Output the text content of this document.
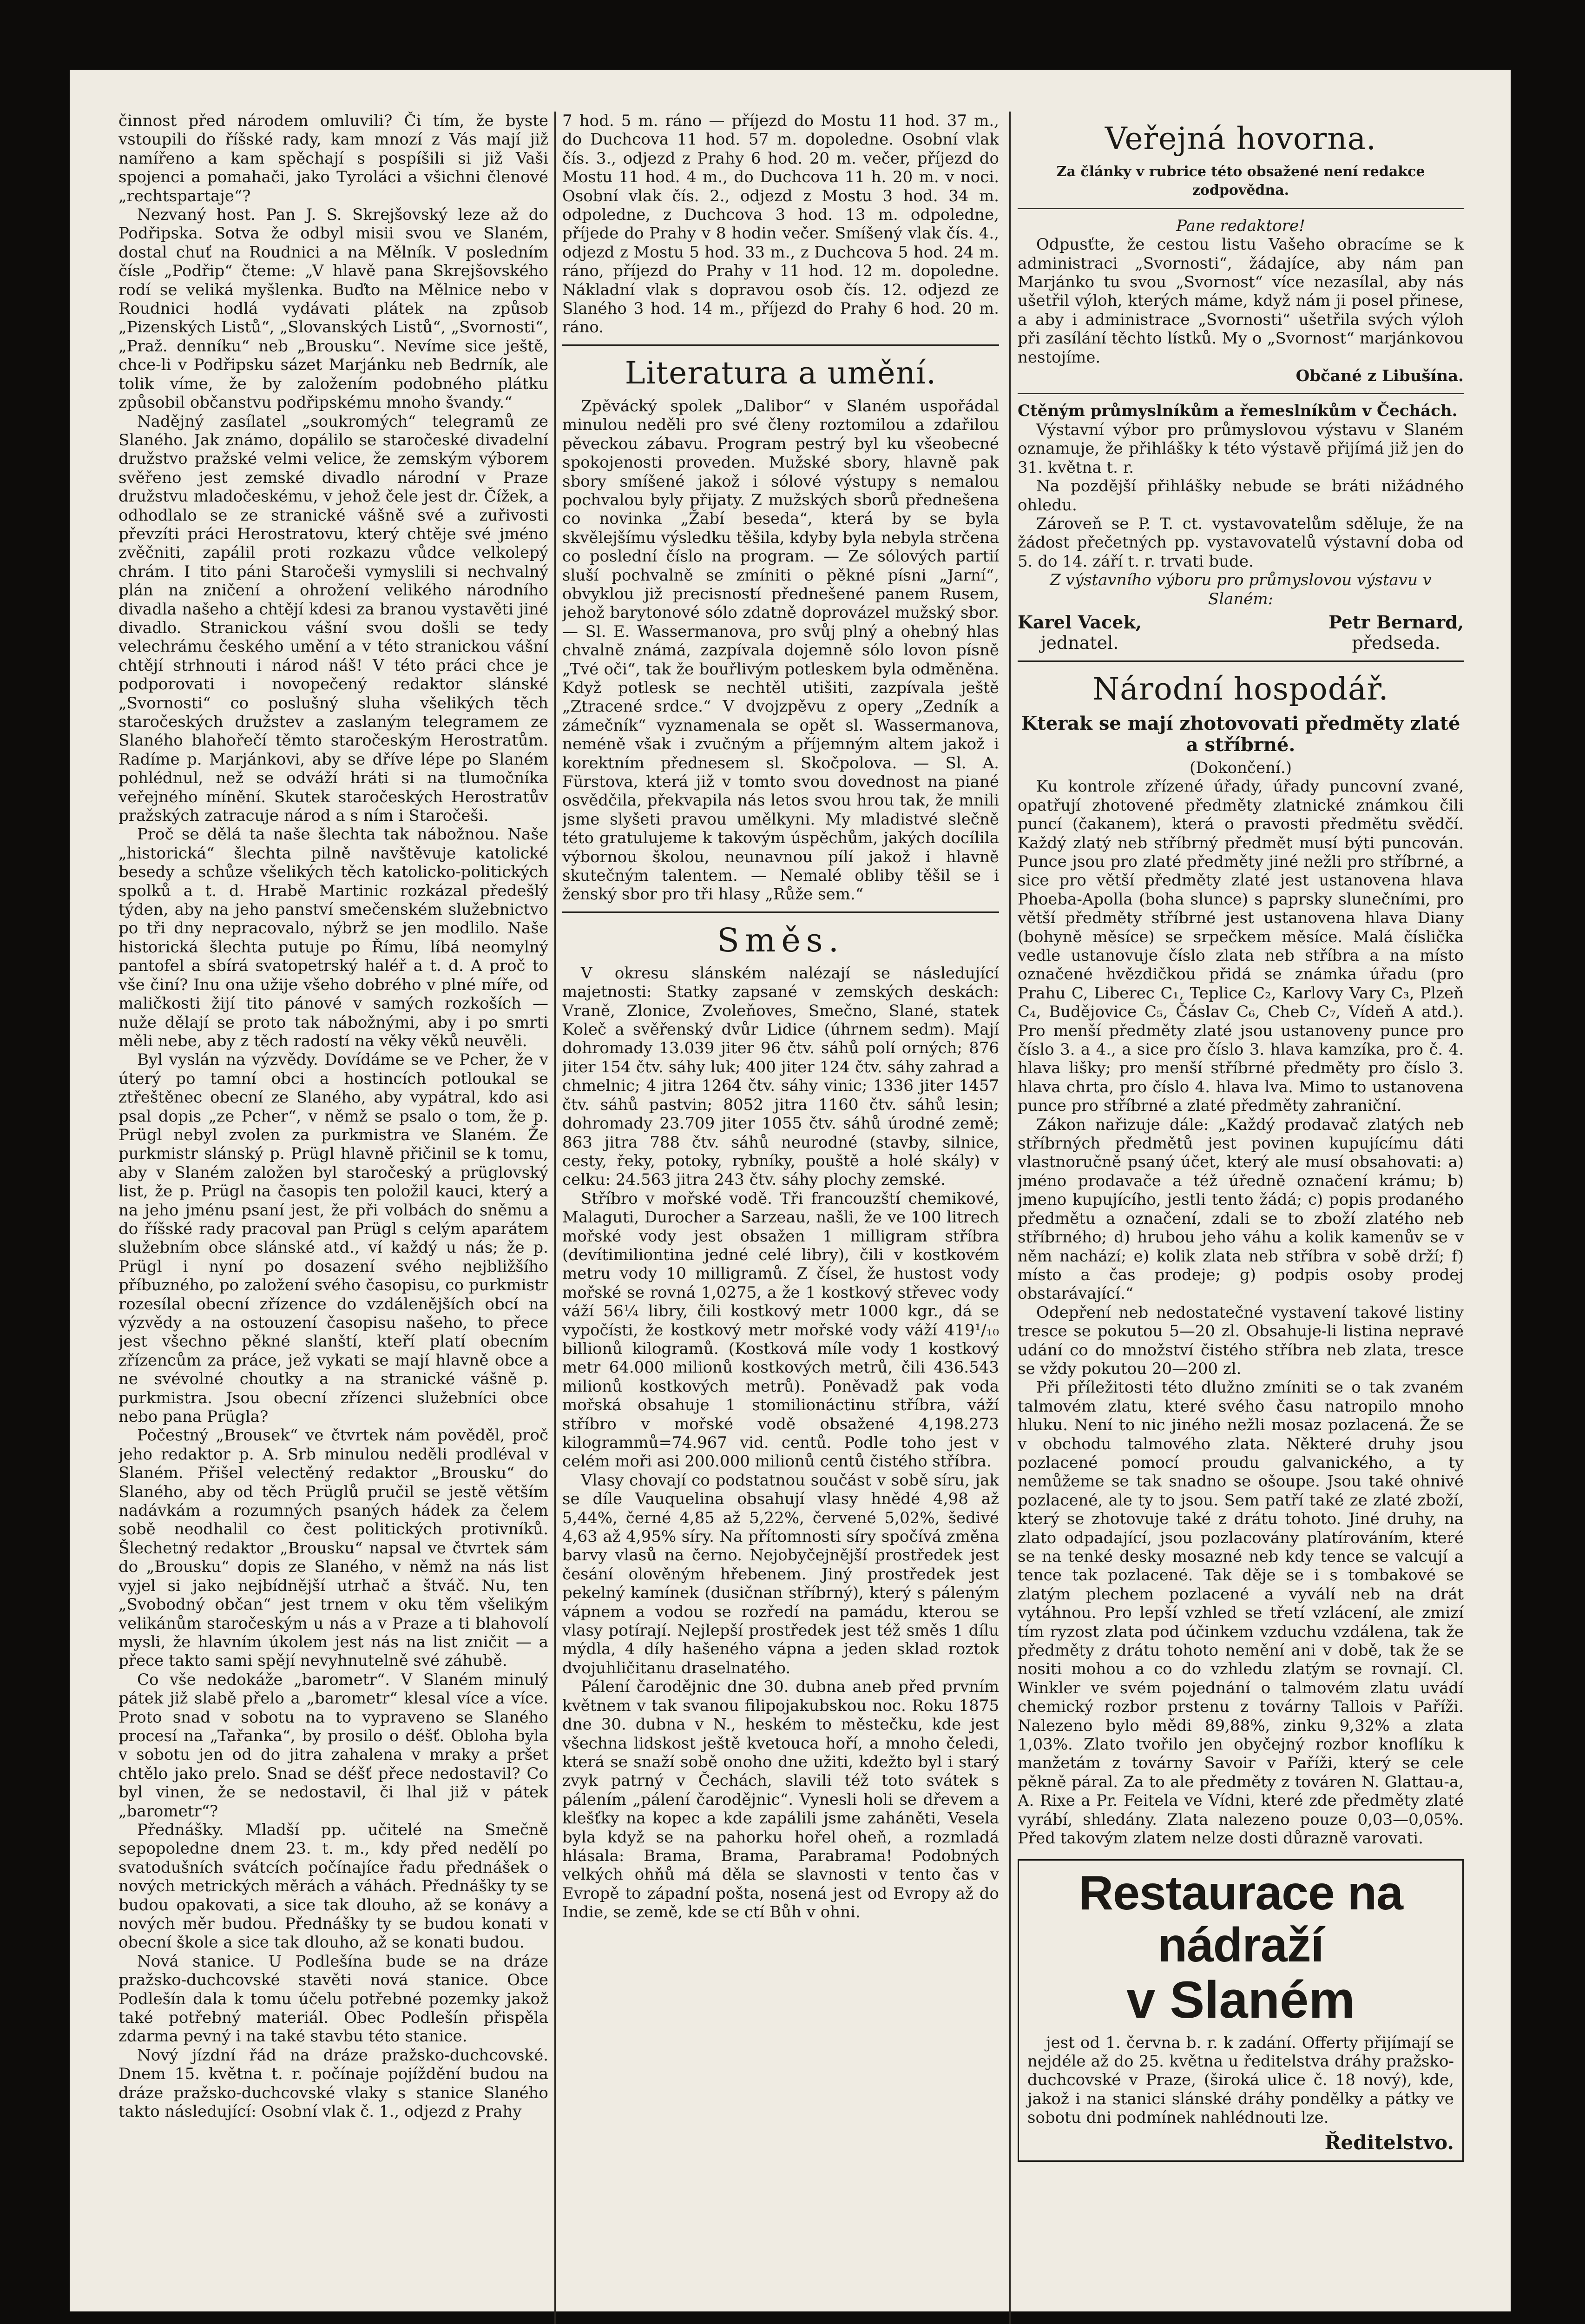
činnost před národem omluvili? Či tím, že byste vstoupili do říšské rady, kam mnozí z Vás mají již namířeno a kam spěchají s pospíšili si již Vaši spojenci a pomahači, jako Tyroláci a všichni členové „rechtspartaje“?

Nezvaný host. Pan J. S. Skrejšovský leze až do Podřipska. Sotva že odbyl misii svou ve Slaném, dostal chuť na Roudnici a na Mělník. V posledním čísle „Podřip“ čteme: „V hlavě pana Skrejšovského rodí se veliká myšlenka. Buďto na Mělnice nebo v Roudnici hodlá vydávati plátek na způsob „Pizenských Listů“, „Slovanských Listů“, „Svornosti“, „Praž. denníku“ neb „Brousku“. Nevíme sice ještě, chce-li v Podřipsku sázet Marjánku neb Bedrník, ale tolik víme, že by založením podobného plátku způsobil občanstvu podřipskému mnoho švandy.“

Nadějný zasílatel „soukromých“ telegramů ze Slaného. Jak známo, dopálilo se staročeské divadelní družstvo pražské velmi velice, že zemským výborem svěřeno jest zemské divadlo národní v Praze družstvu mladočeskému, v jehož čele jest dr. Čížek, a odhodlalo se ze stranické vášně své a zuřivosti převzíti práci Herostratovu, který chtěje své jméno zvěčniti, zapálil proti rozkazu vůdce velkolepý chrám. I tito páni Staročeši vymyslili si nechvalný plán na zničení a ohrožení velikého národního divadla našeho a chtějí kdesi za branou vystavěti jiné divadlo. Stranickou vášní svou došli se tedy velechrámu českého umění a v této stranickou vášní chtějí strhnouti i národ náš! V této práci chce je podporovati i novopečený redaktor slánské „Svornosti“ co poslušný sluha všelikých těch staročeských družstev a zaslaným telegramem ze Slaného blahořečí těmto staročeským Herostratům. Radíme p. Marjánkovi, aby se dříve lépe po Slaném pohlédnul, než se odváží hráti si na tlumočníka veřejného mínění. Skutek staročeských Herostratův pražských zatracuje národ a s ním i Staročeši.

Proč se dělá ta naše šlechta tak nábožnou. Naše „historická“ šlechta pilně navštěvuje katolické besedy a schůze všelikých těch katolicko-politických spolků a t. d. Hrabě Martinic rozkázal předešlý týden, aby na jeho panství smečenském služebnictvo po tři dny nepracovalo, nýbrž se jen modlilo. Naše historická šlechta putuje po Římu, líbá neomylný pantofel a sbírá svatopetrský haléř a t. d. A proč to vše činí? Inu ona užije všeho dobrého v plné míře, od maličkosti žijí tito pánové v samých rozkoších — nuže dělají se proto tak nábožnými, aby i po smrti měli nebe, aby z těch radostí na věky věků neuvěli.

Byl vyslán na výzvědy. Dovídáme se ve Pcher, že v úterý po tamní obci a hostincích potloukal se ztřeštěnec obecní ze Slaného, aby vypátral, kdo asi psal dopis „ze Pcher“, v němž se psalo o tom, že p. Prügl nebyl zvolen za purkmistra ve Slaném. Že purkmistr slánský p. Prügl hlavně přičinil se k tomu, aby v Slaném založen byl staročeský a prüglovský list, že p. Prügl na časopis ten položil kauci, který a na jeho jménu psaní jest, že při volbách do sněmu a do říšské rady pracoval pan Prügl s celým aparátem služebním obce slánské atd., ví každý u nás; že p. Prügl i nyní po dosazení svého nejbližšího příbuzného, po založení svého časopisu, co purkmistr rozesílal obecní zřízence do vzdálenějších obcí na výzvědy a na ostouzení časopisu našeho, to přece jest všechno pěkné slanští, kteří platí obecním zřízencům za práce, jež vykati se mají hlavně obce a ne svévolné choutky a na stranické vášně p. purkmistra. Jsou obecní zřízenci služebníci obce nebo pana Prügla?

Počestný „Brousek“ ve čtvrtek nám pověděl, proč jeho redaktor p. A. Srb minulou neděli prodléval v Slaném. Přišel velectěný redaktor „Brousku“ do Slaného, aby od těch Prüglů pručil se jestě větším nadávkám a rozumných psaných hádek za čelem sobě neodhalil co čest politických protivníků. Šlechetný redaktor „Brousku“ napsal ve čtvrtek sám do „Brousku“ dopis ze Slaného, v němž na nás list vyjel si jako nejbídnější utrhač a štváč. Nu, ten „Svobodný občan“ jest trnem v oku těm všelikým velikánům staročeským u nás a v Praze a ti blahovolí mysli, že hlavním úkolem jest nás na list zničit — a přece takto sami spějí nevyhnutelně své záhubě.

Co vše nedokáže „barometr“. V Slaném minulý pátek již slabě přelo a „barometr“ klesal více a více. Proto snad v sobotu na to vypraveno se Slaného procesí na „Tařanka“, by prosilo o déšť. Obloha byla v sobotu jen od do jitra zahalena v mraky a pršet chtělo jako prelo. Snad se déšť přece nedostavil? Co byl vinen, že se nedostavil, či lhal již v pátek „barometr“?

Přednášky. Mladší pp. učitelé na Smečně sepopoledne dnem 23. t. m., kdy před nedělí po svatodušních svátcích počínajíce řadu přednášek o nových metrických měrách a váhách. Přednášky ty se budou opakovati, a sice tak dlouho, až se konávy a nových měr budou. Přednášky ty se budou konati v obecní škole a sice tak dlouho, až se konati budou.

Nová stanice. U Podlešína bude se na dráze pražsko-duchcovské stavěti nová stanice. Obce Podlešín dala k tomu účelu potřebné pozemky jakož také potřebný materiál. Obec Podlešín přispěla zdarma pevný i na také stavbu této stanice.

Nový jízdní řád na dráze pražsko-duchcovské. Dnem 15. května t. r. počínaje pojíždění budou na dráze pražsko-duchcovské vlaky s stanice Slaného takto následující: Osobní vlak č. 1., odjezd z Prahy

7 hod. 5 m. ráno — příjezd do Mostu 11 hod. 37 m., do Duchcova 11 hod. 57 m. dopoledne. Osobní vlak čís. 3., odjezd z Prahy 6 hod. 20 m. večer, příjezd do Mostu 11 hod. 4 m., do Duchcova 11 h. 20 m. v noci. Osobní vlak čís. 2., odjezd z Mostu 3 hod. 34 m. odpoledne, z Duchcova 3 hod. 13 m. odpoledne, příjede do Prahy v 8 hodin večer. Smíšený vlak čís. 4., odjezd z Mostu 5 hod. 33 m., z Duchcova 5 hod. 24 m. ráno, příjezd do Prahy v 11 hod. 12 m. dopoledne. Nákladní vlak s dopravou osob čís. 12. odjezd ze Slaného 3 hod. 14 m., příjezd do Prahy 6 hod. 20 m. ráno.

Literatura a umění.

Zpěvácký spolek „Dalibor“ v Slaném uspořádal minulou neděli pro své členy roztomilou a zdařilou pěveckou zábavu. Program pestrý byl ku všeobecné spokojenosti proveden. Mužské sbory, hlavně pak sbory smíšené jakož i sólové výstupy s nemalou pochvalou byly přijaty. Z mužských sborů přednešena co novinka „Žabí beseda“, která by se byla skvělejšímu výsledku těšila, kdyby byla nebyla strčena co poslední číslo na program. — Ze sólových partií sluší pochvalně se zmíniti o pěkné písni „Jarní“, obvyklou již precisností přednešené panem Rusem, jehož barytonové sólo zdatně doprovázel mužský sbor. — Sl. E. Wassermanova, pro svůj plný a ohebný hlas chvalně známá, zazpívala dojemně sólo lovon písně „Tvé oči“, tak že bouřlivým potleskem byla odměněna. Když potlesk se nechtěl utišiti, zazpívala ještě „Ztracené srdce.“ V dvojzpěvu z opery „Zedník a zámečník“ vyznamenala se opět sl. Wassermanova, neméně však i zvučným a příjemným altem jakož i korektním přednesem sl. Skočpolova. — Sl. A. Fürstova, která již v tomto svou dovednost na piané osvědčila, překvapila nás letos svou hrou tak, že mnili jsme slyšeti pravou umělkyni. My mladistvé slečně této gratulujeme k takovým úspěchům, jakých docílila výbornou školou, neunavnou pílí jakož i hlavně skutečným talentem. — Nemalé obliby těšil se i ženský sbor pro tři hlasy „Růže sem.“

Směs.

V okresu slánském nalézají se následující majetnosti: Statky zapsané v zemských deskách: Vraně, Zlonice, Zvoleňoves, Smečno, Slané, statek Koleč a svěřenský dvůr Lidice (úhrnem sedm). Mají dohromady 13.039 jiter 96 čtv. sáhů polí orných; 876 jiter 154 čtv. sáhy luk; 400 jiter 124 čtv. sáhy zahrad a chmelnic; 4 jitra 1264 čtv. sáhy vinic; 1336 jiter 1457 čtv. sáhů pastvin; 8052 jitra 1160 čtv. sáhů lesin; dohromady 23.709 jiter 1055 čtv. sáhů úrodné země; 863 jitra 788 čtv. sáhů neurodné (stavby, silnice, cesty, řeky, potoky, rybníky, pouště a holé skály) v celku: 24.563 jitra 243 čtv. sáhy plochy zemské.

Stříbro v mořské vodě. Tři francouzští chemikové, Malaguti, Durocher a Sarzeau, našli, že ve 100 litrech mořské vody jest obsažen 1 milligram stříbra (devítimiliontina jedné celé libry), čili v kostkovém metru vody 10 milligramů. Z čísel, že hustost vody mořské se rovná 1,0275, a že 1 kostkový střevec vody váží 56¼ libry, čili kostkový metr 1000 kgr., dá se vypočísti, že kostkový metr mořské vody váží 419¹/₁₀ billionů kilogramů. (Kostková míle vody 1 kostkový metr 64.000 milionů kostkových metrů, čili 436.543 milionů kostkových metrů). Poněvadž pak voda mořská obsahuje 1 stomilionáctinu stříbra, váží stříbro v mořské vodě obsažené 4,198.273 kilogrammů=74.967 vid. centů. Podle toho jest v celém moři asi 200.000 milionů centů čistého stříbra.

Vlasy chovají co podstatnou součást v sobě síru, jak se díle Vauquelina obsahují vlasy hnědé 4,98 až 5,44%, černé 4,85 až 5,22%, červené 5,02%, šedivé 4,63 až 4,95% síry. Na přítomnosti síry spočívá změna barvy vlasů na černo. Nejobyčejnější prostředek jest česání olověným hřebenem. Jiný prostředek jest pekelný kamínek (dusičnan stříbrný), který s páleným vápnem a vodou se rozředí na pamádu, kterou se vlasy potírají. Nejlepší prostředek jest též směs 1 dílu mýdla, 4 díly hašeného vápna a jeden sklad roztok dvojuhličitanu draselnatého.

Pálení čarodějnic dne 30. dubna aneb před prvním květnem v tak svanou filipojakubskou noc. Roku 1875 dne 30. dubna v N., heském to městečku, kde jest všechna lidskost ještě kvetouca hoří, a mnoho čeledi, která se snaží sobě onoho dne užiti, kdežto byl i starý zvyk patrný v Čechách, slavili též toto svátek s pálením „pálení čarodějnic“. Vynesli holi se dřevem a klešťky na kopec a kde zapálili jsme zaháněti, Vesela byla když se na pahorku hořel oheň, a rozmladá hlásala: Brama, Brama, Parabrama! Podobných velkých ohňů má děla se slavnosti v tento čas v Evropě to západní pošta, nosená jest od Evropy až do Indie, se země, kde se ctí Bůh v ohni.

Veřejná hovorna.

Za články v rubrice této obsažené není redakce zodpovědna.

Pane redaktore!

Odpusťte, že cestou listu Vašeho obracíme se k administraci „Svornosti“, žádajíce, aby nám pan Marjánko tu svou „Svornost“ více nezasílal, aby nás ušetřil výloh, kterých máme, když nám ji posel přinese, a aby i administrace „Svornosti“ ušetřila svých výloh při zasílání těchto lístků. My o „Svornost“ marjánkovou nestojíme.

Občané z Libušína.

Ctěným průmyslníkům a řemeslníkům v Čechách.

Výstavní výbor pro průmyslovou výstavu v Slaném oznamuje, že přihlášky k této výstavě přijímá již jen do 31. května t. r.

Na pozdější přihlášky nebude se bráti nižádného ohledu.

Zároveň se P. T. ct. vystavovatelům sděluje, že na žádost přečetných pp. vystavovatelů výstavní doba od 5. do 14. září t. r. trvati bude.

Z výstavního výboru pro průmyslovou výstavu v Slaném:

Karel Vacek,
jednatel.
Petr Bernard,
předseda.
Národní hospodář.
Kterak se mají zhotovovati předměty zlaté a stříbrné.

(Dokončení.)

Ku kontrole zřízené úřady, úřady puncovní zvané, opatřují zhotovené předměty zlatnické známkou čili puncí (čakanem), která o pravosti předmětu svědčí. Každý zlatý neb stříbrný předmět musí býti puncován. Punce jsou pro zlaté předměty jiné nežli pro stříbrné, a sice pro větší předměty zlaté jest ustanovena hlava Phoeba-Apolla (boha slunce) s paprsky slunečními, pro větší předměty stříbrné jest ustanovena hlava Diany (bohyně měsíce) se srpečkem měsíce. Malá číslička vedle ustanovuje číslo zlata neb stříbra a na místo označené hvězdičkou přidá se známka úřadu (pro Prahu C, Liberec C₁, Teplice C₂, Karlovy Vary C₃, Plzeň C₄, Budějovice C₅, Čáslav C₆, Cheb C₇, Vídeň A atd.). Pro menší předměty zlaté jsou ustanoveny punce pro číslo 3. a 4., a sice pro číslo 3. hlava kamzíka, pro č. 4. hlava lišky; pro menší stříbrné předměty pro číslo 3. hlava chrta, pro číslo 4. hlava lva. Mimo to ustanovena punce pro stříbrné a zlaté předměty zahraniční.

Zákon nařizuje dále: „Každý prodavač zlatých neb stříbrných předmětů jest povinen kupujícímu dáti vlastnoručně psaný účet, který ale musí obsahovati: a) jméno prodavače a též úředně označení krámu; b) jmeno kupujícího, jestli tento žádá; c) popis prodaného předmětu a označení, zdali se to zboží zlatého neb stříbrného; d) hrubou jeho váhu a kolik kamenův se v něm nachází; e) kolik zlata neb stříbra v sobě drží; f) místo a čas prodeje; g) podpis osoby prodej obstarávající.“

Odepření neb nedostatečné vystavení takové listiny tresce se pokutou 5—20 zl. Obsahuje-li listina nepravé udání co do množství čistého stříbra neb zlata, tresce se vždy pokutou 20—200 zl.

Při příležitosti této dlužno zmíniti se o tak zvaném talmovém zlatu, které svého času natropilo mnoho hluku. Není to nic jiného nežli mosaz pozlacená. Že se v obchodu talmového zlata. Některé druhy jsou pozlacené pomocí proudu galvanického, a ty nemůžeme se tak snadno se ošoupe. Jsou také ohnivé pozlacené, ale ty to jsou. Sem patří také ze zlaté zboží, který se zhotovuje také z drátu tohoto. Jiné druhy, na zlato odpadající, jsou pozlacovány platírováním, které se na tenké desky mosazné neb kdy tence se valcují a tence tak pozlacené. Tak děje se i s tombakové se zlatým plechem pozlacené a vyválí neb na drát vytáhnou. Pro lepší vzhled se třetí vzlácení, ale zmizí tím ryzost zlata pod účinkem vzduchu vzdálena, tak že předměty z drátu tohoto nemění ani v době, tak že se nositi mohou a co do vzhledu zlatým se rovnají. Cl. Winkler ve svém pojednání o talmovém zlatu uvádí chemický rozbor prstenu z továrny Tallois v Paříži. Nalezeno bylo mědi 89,88%, zinku 9,32% a zlata 1,03%. Zlato tvořilo jen obyčejný rozbor knoflíku k manžetám z továrny Savoir v Paříži, který se cele pěkně páral. Za to ale předměty z továren N. Glattau-a, A. Rixe a Pr. Feitela ve Vídni, které zde předměty zlaté vyrábí, shledány. Zlata nalezeno pouze 0,03—0,05%. Před takovým zlatem nelze dosti důrazně varovati.

Restaurace na nádraží
v Slaném

jest od 1. června b. r. k zadání. Offerty přijímají se nejdéle až do 25. května u ředitelstva dráhy pražsko-duchcovské v Praze, (široká ulice č. 18 nový), kde, jakož i na stanici slánské dráhy pondělky a pátky ve sobotu dni podmínek nahlédnouti lze.

Ředitelstvo.
